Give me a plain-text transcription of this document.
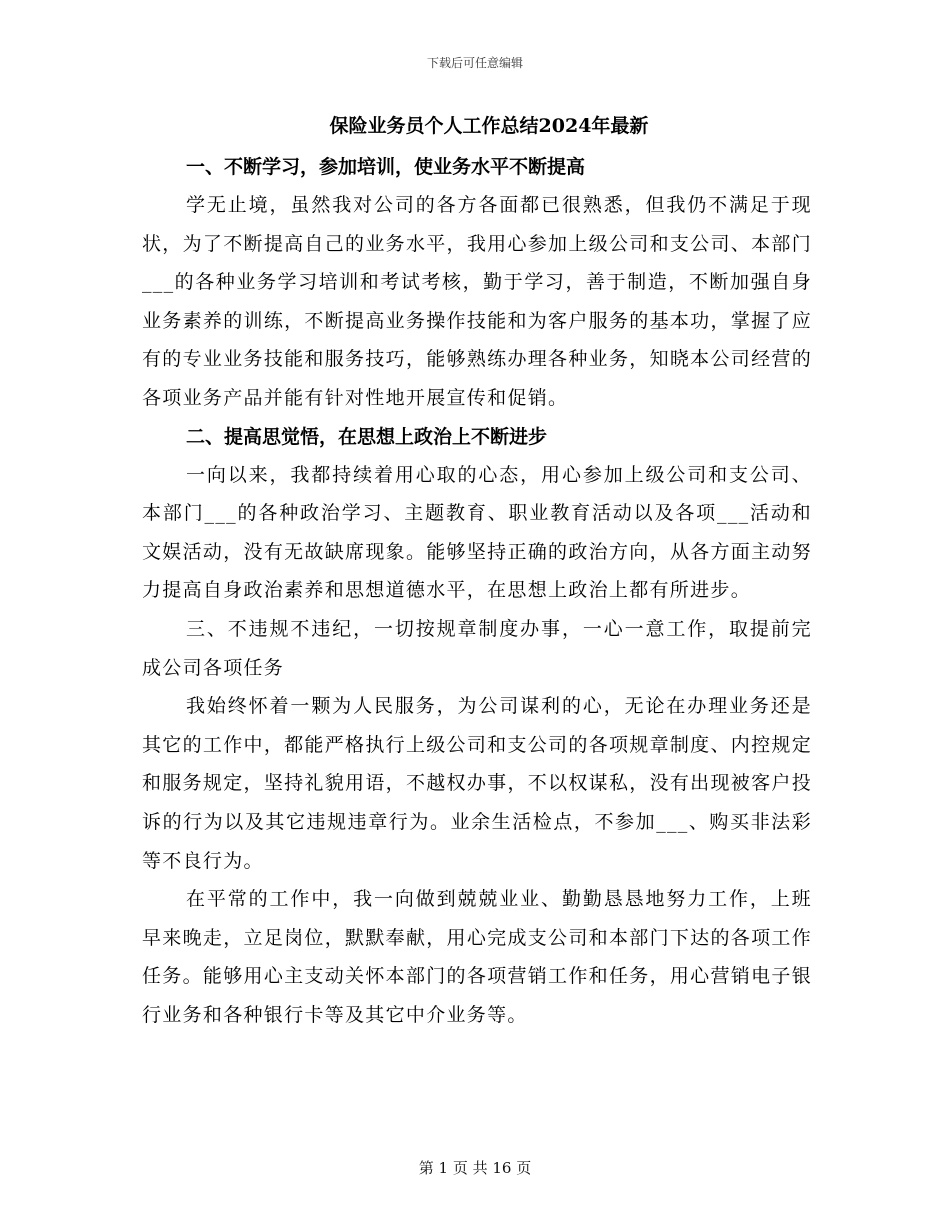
下载后可任意编辑
保险业务员个人工作总结2024年最新
一、不断学习，参加培训，使业务水平不断提高

学无止境，虽然我对公司的各方各面都已很熟悉，但我仍不满足于现状，为了不断提高自己的业务水平，我用心参加上级公司和支公司、本部门___的各种业务学习培训和考试考核，勤于学习，善于制造，不断加强自身业务素养的训练，不断提高业务操作技能和为客户服务的基本功，掌握了应有的专业业务技能和服务技巧，能够熟练办理各种业务，知晓本公司经营的各项业务产品并能有针对性地开展宣传和促销。

二、提高思觉悟，在思想上政治上不断进步

一向以来，我都持续着用心取的心态，用心参加上级公司和支公司、本部门___的各种政治学习、主题教育、职业教育活动以及各项___活动和文娱活动，没有无故缺席现象。能够坚持正确的政治方向，从各方面主动努力提高自身政治素养和思想道德水平，在思想上政治上都有所进步。

三、不违规不违纪，一切按规章制度办事，一心一意工作，取提前完成公司各项任务

我始终怀着一颗为人民服务，为公司谋利的心，无论在办理业务还是其它的工作中，都能严格执行上级公司和支公司的各项规章制度、内控规定和服务规定，坚持礼貌用语，不越权办事，不以权谋私，没有出现被客户投诉的行为以及其它违规违章行为。业余生活检点，不参加___、购买非法彩等不良行为。

在平常的工作中，我一向做到兢兢业业、勤勤恳恳地努力工作，上班早来晚走，立足岗位，默默奉献，用心完成支公司和本部门下达的各项工作任务。能够用心主支动关怀本部门的各项营销工作和任务，用心营销电子银行业务和各种银行卡等及其它中介业务等。

第 1 页 共 16 页
